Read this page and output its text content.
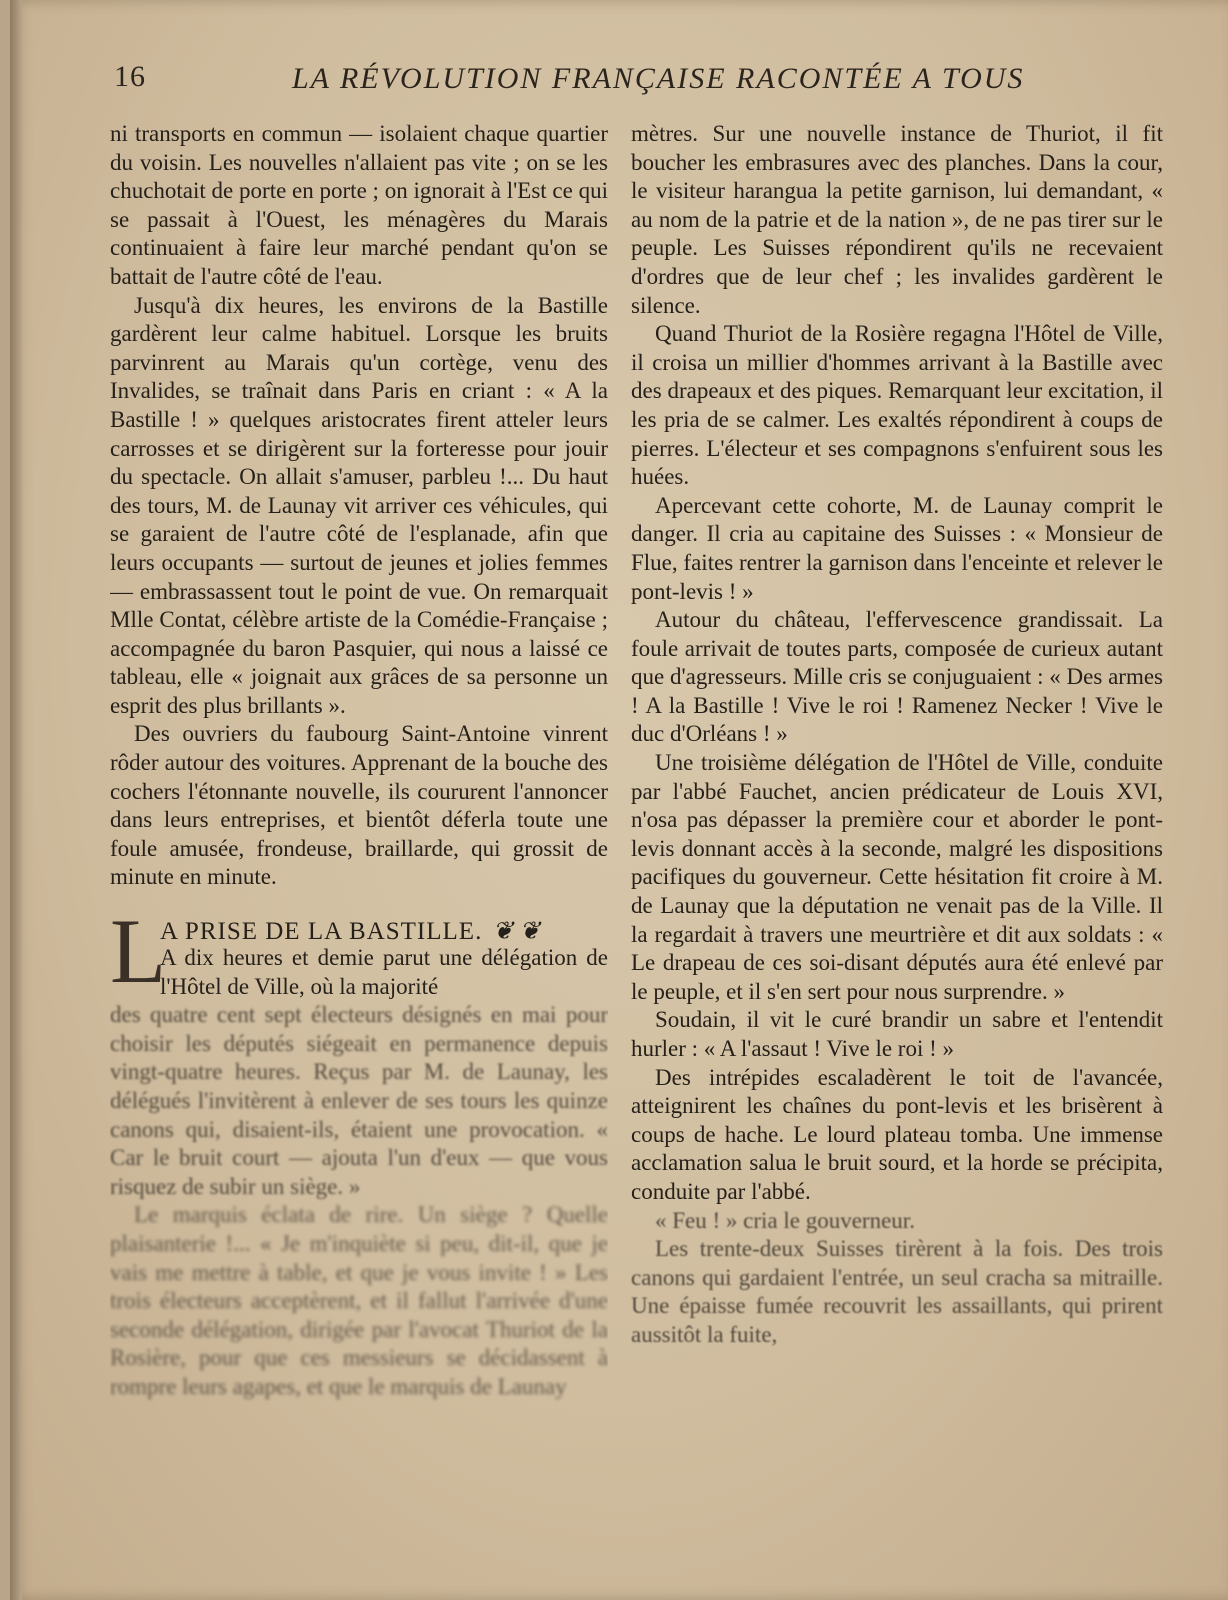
16	LA RÉVOLUTION FRANÇAISE RACONTÉE A TOUS

ni transports en commun — isolaient chaque quartier du voisin. Les nouvelles n'allaient pas vite ; on se les chuchotait de porte en porte ; on ignorait à l'Est ce qui se passait à l'Ouest, les ménagères du Marais continuaient à faire leur marché pendant qu'on se battait de l'autre côté de l'eau.

Jusqu'à dix heures, les environs de la Bastille gardèrent leur calme habituel. Lorsque les bruits parvinrent au Marais qu'un cortège, venu des Invalides, se traînait dans Paris en criant : « A la Bastille ! » quelques aristocrates firent atteler leurs carrosses et se dirigèrent sur la forteresse pour jouir du spectacle. On allait s'amuser, parbleu !... Du haut des tours, M. de Launay vit arriver ces véhicules, qui se garaient de l'autre côté de l'esplanade, afin que leurs occupants — surtout de jeunes et jolies femmes — embrassassent tout le point de vue. On remarquait Mlle Contat, célèbre artiste de la Comédie-Française ; accompagnée du baron Pasquier, qui nous a laissé ce tableau, elle « joignait aux grâces de sa personne un esprit des plus brillants ».

Des ouvriers du faubourg Saint-Antoine vinrent rôder autour des voitures. Apprenant de la bouche des cochers l'étonnante nouvelle, ils coururent l'annoncer dans leurs entreprises, et bientôt déferla toute une foule amusée, frondeuse, braillarde, qui grossit de minute en minute.

L
A PRISE DE LA BASTILLE. ❦❦

A dix heures et demie parut une délégation de l'Hôtel de Ville, où la majorité

des quatre cent sept électeurs désignés en mai pour choisir les députés siégeait en permanence depuis vingt-quatre heures. Reçus par M. de Launay, les délégués l'invitèrent à enlever de ses tours les quinze canons qui, disaient-ils, étaient une provocation. « Car le bruit court — ajouta l'un d'eux — que vous risquez de subir un siège. »

Le marquis éclata de rire. Un siège ? Quelle plaisanterie !... « Je m'inquiète si peu, dit-il, que je vais me mettre à table, et que je vous invite ! » Les trois électeurs acceptèrent, et il fallut l'arrivée d'une seconde délégation, dirigée par l'avocat Thuriot de la Rosière, pour que ces messieurs se décidassent à rompre leurs agapes, et que le marquis de Launay

mètres. Sur une nouvelle instance de Thuriot, il fit boucher les embrasures avec des planches. Dans la cour, le visiteur harangua la petite garnison, lui demandant, « au nom de la patrie et de la nation », de ne pas tirer sur le peuple. Les Suisses répondirent qu'ils ne recevaient d'ordres que de leur chef ; les invalides gardèrent le silence.

Quand Thuriot de la Rosière regagna l'Hôtel de Ville, il croisa un millier d'hommes arrivant à la Bastille avec des drapeaux et des piques. Remarquant leur excitation, il les pria de se calmer. Les exaltés répondirent à coups de pierres. L'électeur et ses compagnons s'enfuirent sous les huées.

Apercevant cette cohorte, M. de Launay comprit le danger. Il cria au capitaine des Suisses : « Monsieur de Flue, faites rentrer la garnison dans l'enceinte et relever le pont-levis ! »

Autour du château, l'effervescence grandissait. La foule arrivait de toutes parts, composée de curieux autant que d'agresseurs. Mille cris se conjuguaient : « Des armes ! A la Bastille ! Vive le roi ! Ramenez Necker ! Vive le duc d'Orléans ! »

Une troisième délégation de l'Hôtel de Ville, conduite par l'abbé Fauchet, ancien prédicateur de Louis XVI, n'osa pas dépasser la première cour et aborder le pont-levis donnant accès à la seconde, malgré les dispositions pacifiques du gouverneur. Cette hésitation fit croire à M. de Launay que la députation ne venait pas de la Ville. Il la regardait à travers une meurtrière et dit aux soldats : « Le drapeau de ces soi-disant députés aura été enlevé par le peuple, et il s'en sert pour nous surprendre. »

Soudain, il vit le curé brandir un sabre et l'entendit hurler : « A l'assaut ! Vive le roi ! »

Des intrépides escaladèrent le toit de l'avancée, atteignirent les chaînes du pont-levis et les brisèrent à coups de hache. Le lourd plateau tomba. Une immense acclamation salua le bruit sourd, et la horde se précipita, conduite par l'abbé.

« Feu ! » cria le gouverneur.

Les trente-deux Suisses tirèrent à la fois. Des trois canons qui gardaient l'entrée, un seul cracha sa mitraille. Une épaisse fumée recouvrit les assaillants, qui prirent aussitôt la fuite,
